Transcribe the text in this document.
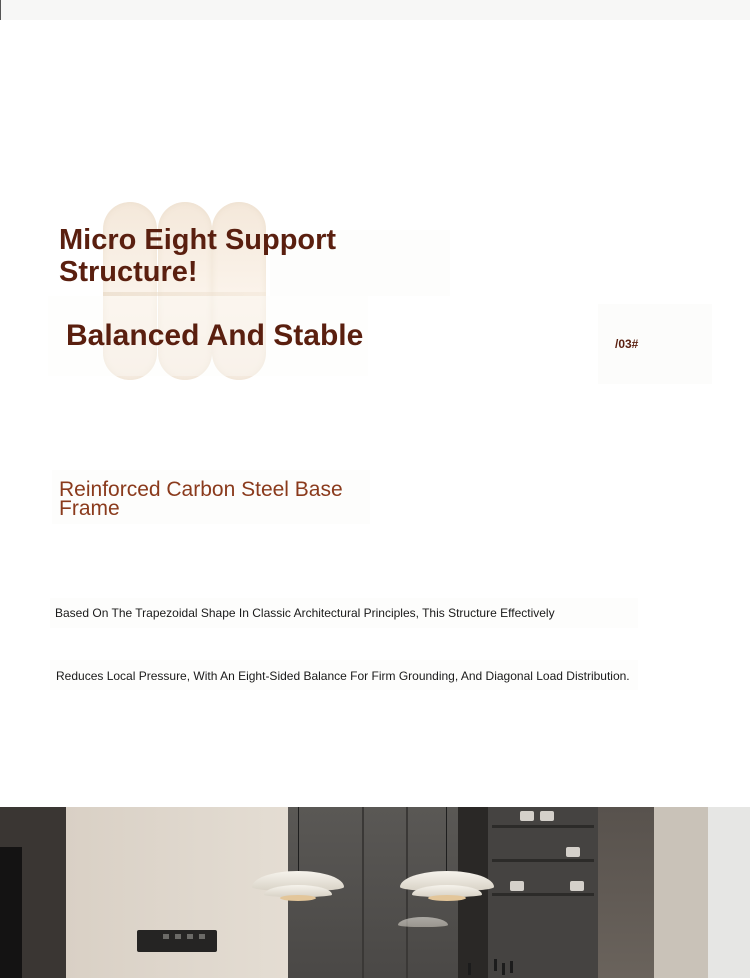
Micro Eight Support Structure!
Balanced And Stable	/03#
Reinforced Carbon Steel Base Frame

Based On The Trapezoidal Shape In Classic Architectural Principles, This Structure Effectively

Reduces Local Pressure, With An Eight-Sided Balance For Firm Grounding, And Diagonal Load Distribution.
